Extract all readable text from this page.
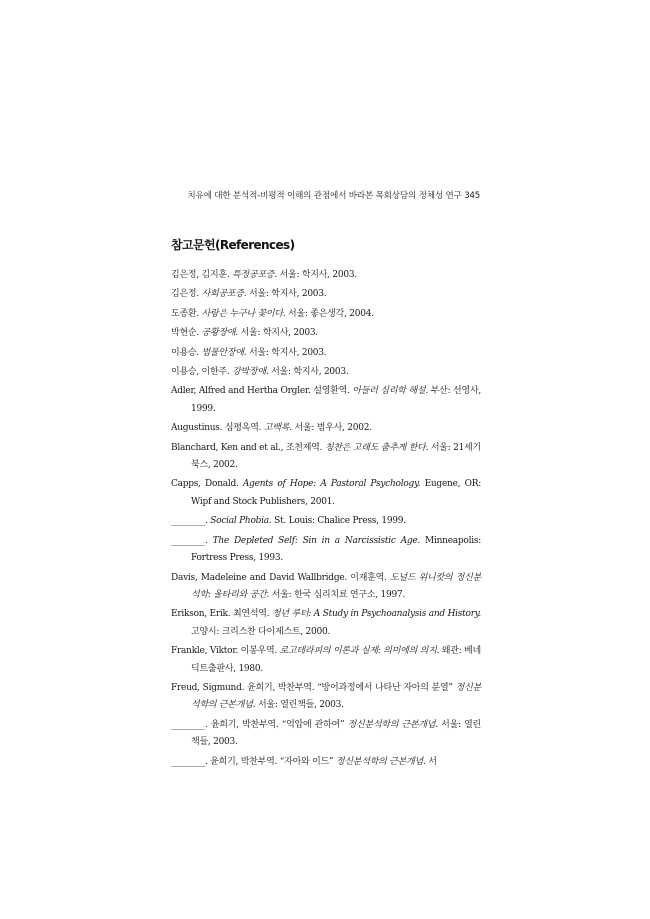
치유에 대한 분석적-비평적 이해의 관점에서 바라본 목회상담의 정체성 연구 345
참고문헌(References)
김은정, 김지훈. 특정공포증. 서울: 학지사, 2003.
김은정. 사회공포증. 서울: 학지사, 2003.
도종환. 사랑은 누구나 꽃이다. 서울: 좋은생각, 2004.
박현순. 공황장애. 서울: 학지사, 2003.
이용승. 범불안장애. 서울: 학지사, 2003.
이용승, 이한주. 강박장애. 서울: 학지사, 2003.
Adler, Alfred and Hertha Orgler. 설영환역. 아들러 심리학 해설. 부산: 선영사, 1999.
Augustinus. 심평옥역. 고백록. 서울: 범우사, 2002.
Blanchard, Ken and et al., 조천제역. 칭찬은 고래도 춤추게 한다. 서울: 21세기북스, 2002.
Capps, Donald. Agents of Hope: A Pastoral Psychology. Eugene, OR: Wipf and Stock Publishers, 2001.
________. Social Phobia. St. Louis: Chalice Press, 1999.
________. The Depleted Self: Sin in a Narcissistic Age. Minneapolis: Fortress Press, 1993.
Davis, Madeleine and David Wallbridge. 이재훈역. 도널드 위니캇의 정신분석학: 울타리와 공간. 서울: 한국 심리치료 연구소, 1997.
Erikson, Erik. 최연석역. 청년 루터: A Study in Psychoanalysis and History. 고양시: 크리스찬 다이제스트, 2000.
Frankle, Viktor. 이봉우역. 로고테라피의 이론과 실제: 의미에의 의지. 왜관: 베네딕트출판사, 1980.
Freud, Sigmund. 윤희기, 박찬부역. “방어과정에서 나타난 자아의 분열” 정신분석학의 근본개념. 서울: 열린책들, 2003.
________. 윤희기, 박찬부역. “억압에 관하여” 정신분석학의 근본개념. 서울: 열린책들, 2003.
________. 윤희기, 박찬부역. “자아와 이드” 정신분석학의 근본개념. 서
